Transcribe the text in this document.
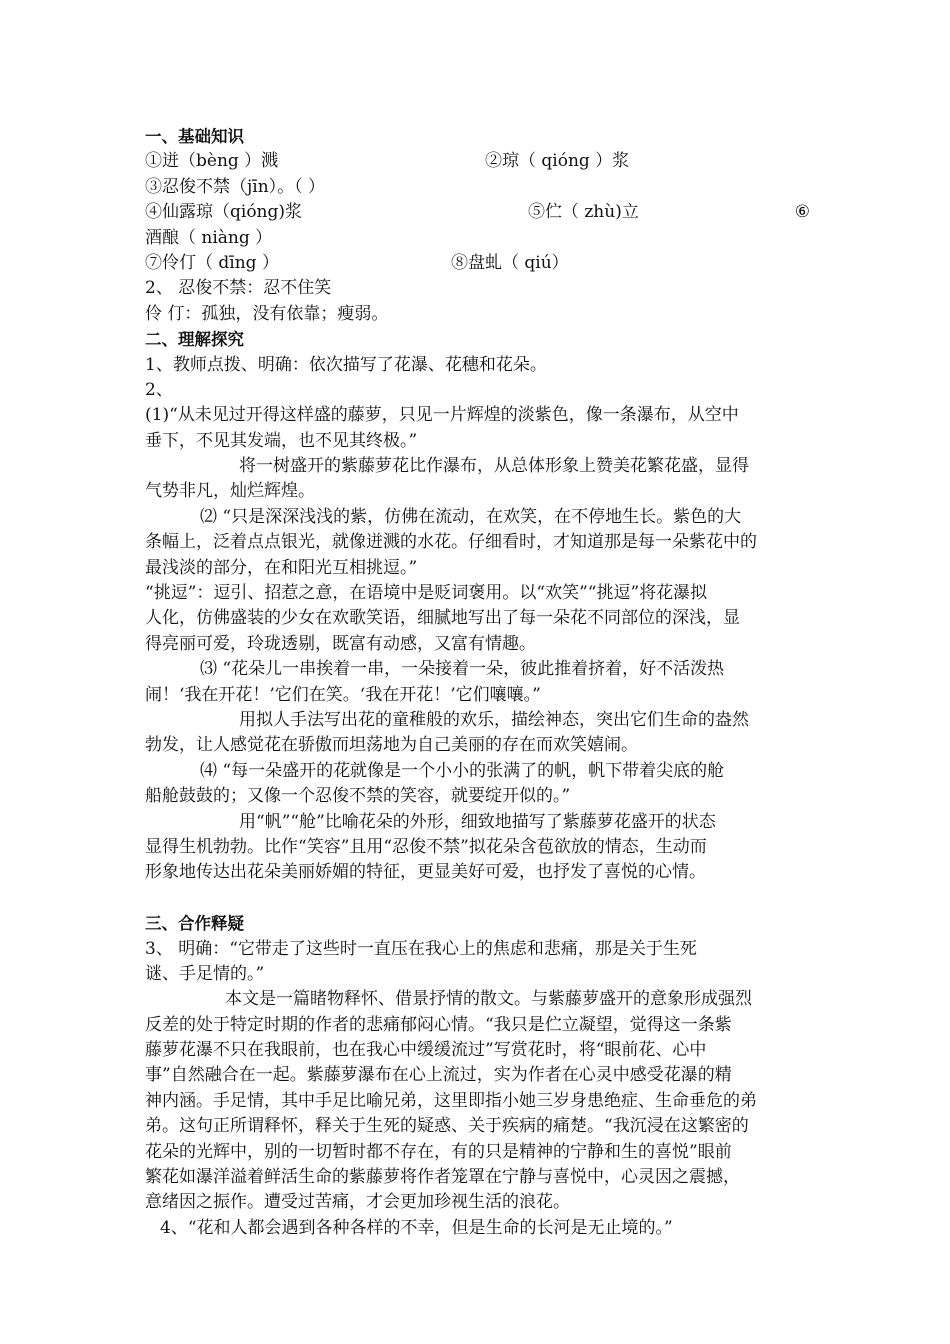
一、基础知识
①迸（bèng ）溅	②琼（ qióng ）浆
③忍俊不禁（jīn）。（ ）
④仙露琼（qióng)浆	⑤伫（ zhù)立	⑥
酒酿（ niàng ）
⑦伶仃（ dīng ）	⑧盘虬（ qiú）
2、 忍俊不禁：忍不住笑
伶 仃：孤独，没有依靠；瘦弱。
二、理解探究
1、教师点拨、明确：依次描写了花瀑、花穗和花朵。
2、
(1)“从未见过开得这样盛的藤萝，只见一片辉煌的淡紫色，像一条瀑布，从空中
垂下，不见其发端，也不见其终极。”
将一树盛开的紫藤萝花比作瀑布，从总体形象上赞美花繁花盛，显得
气势非凡，灿烂辉煌。
⑵ “只是深深浅浅的紫，仿佛在流动，在欢笑，在不停地生长。紫色的大
条幅上，泛着点点银光，就像迸溅的水花。仔细看时，才知道那是每一朵紫花中的
最浅淡的部分，在和阳光互相挑逗。”
“挑逗”：逗引、招惹之意，在语境中是贬词褒用。以“欢笑”“挑逗”将花瀑拟
人化，仿佛盛装的少女在欢歌笑语，细腻地写出了每一朵花不同部位的深浅，显
得亮丽可爱，玲珑透剔，既富有动感，又富有情趣。
⑶ “花朵儿一串挨着一串，一朵接着一朵，彼此推着挤着，好不活泼热
闹！‘我在开花！’它们在笑。‘我在开花！’它们嚷嚷。”
用拟人手法写出花的童稚般的欢乐，描绘神态，突出它们生命的盎然
勃发，让人感觉花在骄傲而坦荡地为自己美丽的存在而欢笑嬉闹。
⑷ “每一朵盛开的花就像是一个小小的张满了的帆，帆下带着尖底的舱
船舱鼓鼓的；又像一个忍俊不禁的笑容，就要绽开似的。”
用“帆”“舱”比喻花朵的外形，细致地描写了紫藤萝花盛开的状态
显得生机勃勃。比作“笑容”且用“忍俊不禁”拟花朵含苞欲放的情态，生动而
形象地传达出花朵美丽娇媚的特征，更显美好可爱，也抒发了喜悦的心情。
三、合作释疑
3、 明确：“它带走了这些时一直压在我心上的焦虑和悲痛，那是关于生死
谜、手足情的。”
本文是一篇睹物释怀、借景抒情的散文。与紫藤萝盛开的意象形成强烈
反差的处于特定时期的作者的悲痛郁闷心情。“我只是伫立凝望，觉得这一条紫
藤萝花瀑不只在我眼前，也在我心中缓缓流过”写赏花时，将“眼前花、心中
事”自然融合在一起。紫藤萝瀑布在心上流过，实为作者在心灵中感受花瀑的精
神内涵。手足情，其中手足比喻兄弟，这里即指小她三岁身患绝症、生命垂危的弟
弟。这句正所谓释怀，释关于生死的疑惑、关于疾病的痛楚。“我沉浸在这繁密的
花朵的光辉中，别的一切暂时都不存在，有的只是精神的宁静和生的喜悦”眼前
繁花如瀑洋溢着鲜活生命的紫藤萝将作者笼罩在宁静与喜悦中，心灵因之震撼，
意绪因之振作。遭受过苦痛，才会更加珍视生活的浪花。
4、“花和人都会遇到各种各样的不幸，但是生命的长河是无止境的。”
